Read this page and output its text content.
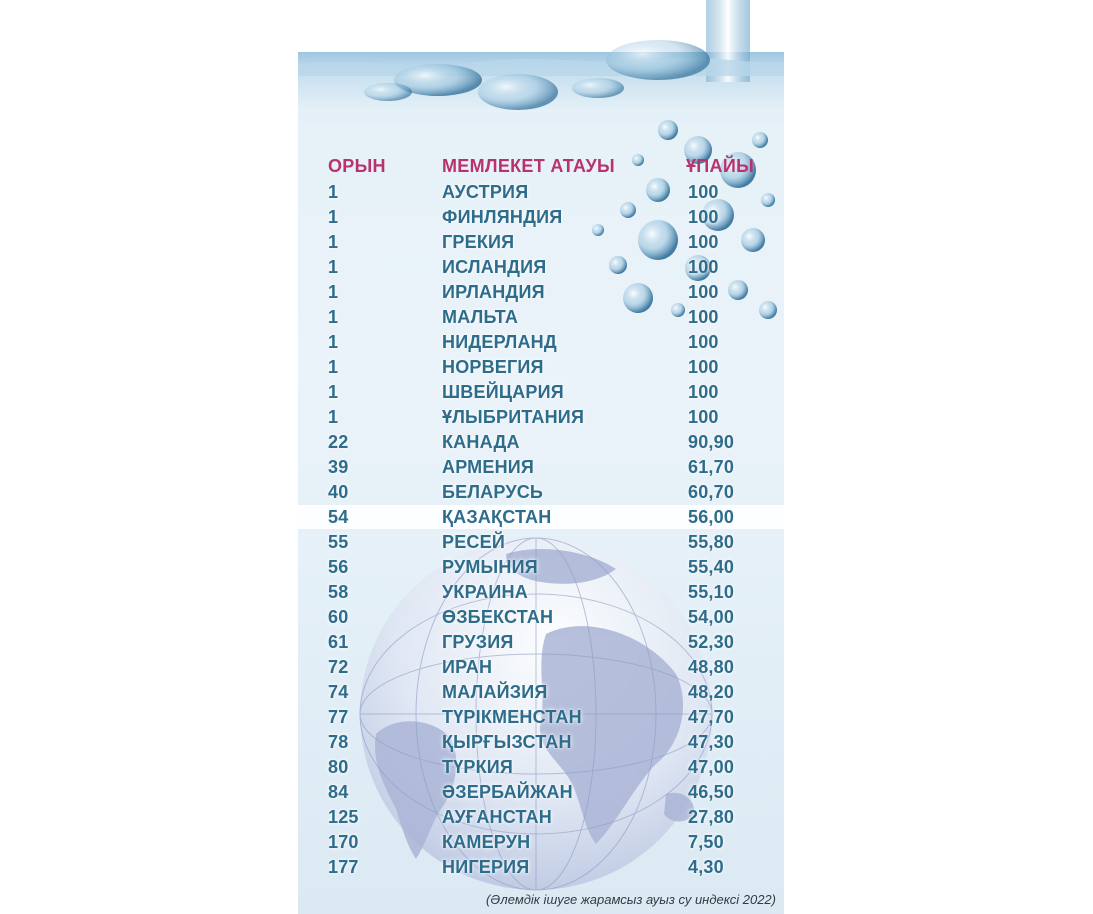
ОРЫН	МЕМЛЕКЕТ АТАУЫ	ҰПАЙЫ
1	АУСТРИЯ	100
1	ФИНЛЯНДИЯ	100
1	ГРЕКИЯ	100
1	ИСЛАНДИЯ	100
1	ИРЛАНДИЯ	100
1	МАЛЬТА	100
1	НИДЕРЛАНД	100
1	НОРВЕГИЯ	100
1	ШВЕЙЦАРИЯ	100
1	ҰЛЫБРИТАНИЯ	100
22	КАНАДА	90,90
39	АРМЕНИЯ	61,70
40	БЕЛАРУСЬ	60,70
54	ҚАЗАҚСТАН	56,00
55	РЕСЕЙ	55,80
56	РУМЫНИЯ	55,40
58	УКРАИНА	55,10
60	ӨЗБЕКСТАН	54,00
61	ГРУЗИЯ	52,30
72	ИРАН	48,80
74	МАЛАЙЗИЯ	48,20
77	ТҮРІКМЕНСТАН	47,70
78	ҚЫРҒЫЗСТАН	47,30
80	ТҮРКИЯ	47,00
84	ӘЗЕРБАЙЖАН	46,50
125	АУҒАНСТАН	27,80
170	КАМЕРУН	7,50
177	НИГЕРИЯ	4,30
(Әлемдік ішуге жарамсыз ауыз су индексі 2022)
